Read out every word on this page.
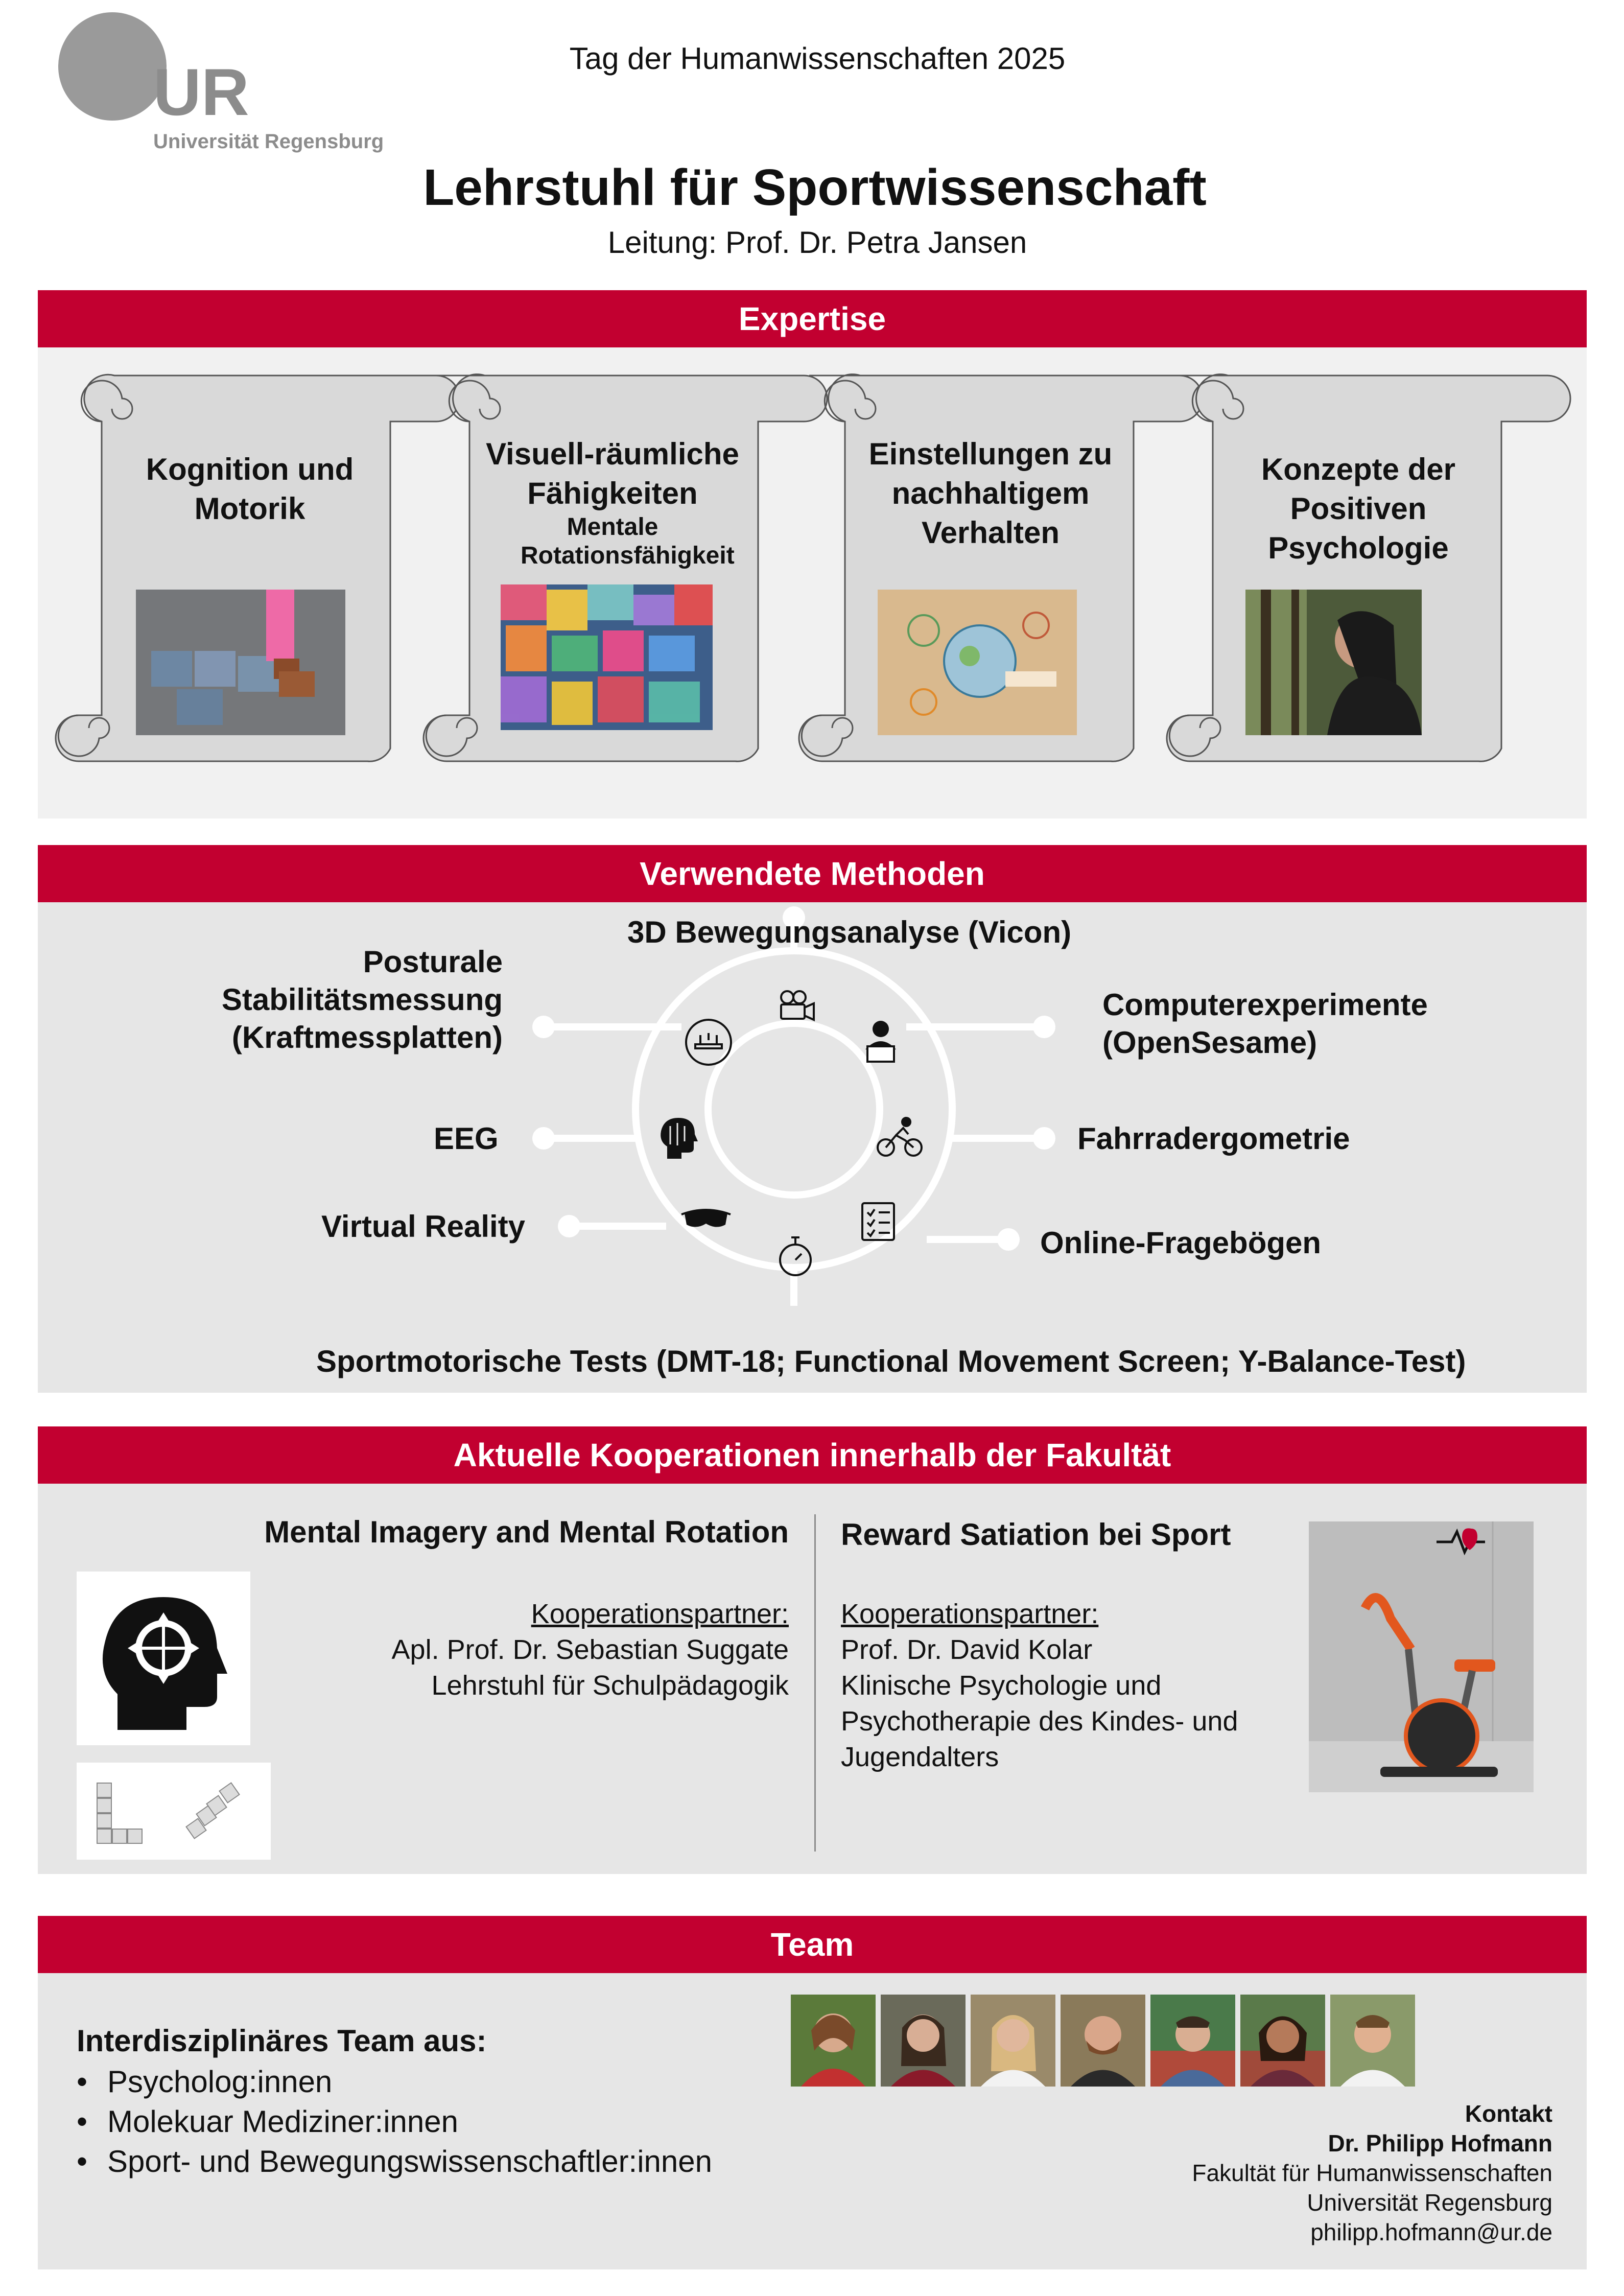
UR
Universität Regensburg
Tag der Humanwissenschaften 2025
Lehrstuhl für Sportwissenschaft
Leitung: Prof. Dr. Petra Jansen
Expertise
Kognition und Motorik
Visuell-räumliche Fähigkeiten
Mentale Rotationsfähigkeit
Einstellungen zu nachhaltigem Verhalten
Konzepte der Positiven Psychologie
Verwendete Methoden
3D Bewegungsanalyse (Vicon)
Posturale Stabilitätsmessung (Kraftmessplatten)
Computerexperimente (OpenSesame)
EEG	Fahrradergometrie
Virtual Reality	Online-Fragebögen
Sportmotorische Tests (DMT-18; Functional Movement Screen; Y-Balance-Test)
Aktuelle Kooperationen innerhalb der Fakultät
Mental Imagery and Mental Rotation
Kooperationspartner:
Apl. Prof. Dr. Sebastian Suggate
Lehrstuhl für Schulpädagogik
Reward Satiation bei Sport
Kooperationspartner:
Prof. Dr. David Kolar
Klinische Psychologie und Psychotherapie des Kindes- und Jugendalters
Team
Interdisziplinäres Team aus:
• Psycholog:innen
• Molekuar Mediziner:innen
• Sport- und Bewegungswissenschaftler:innen
Kontakt
Dr. Philipp Hofmann
Fakultät für Humanwissenschaften
Universität Regensburg
philipp.hofmann@ur.de
